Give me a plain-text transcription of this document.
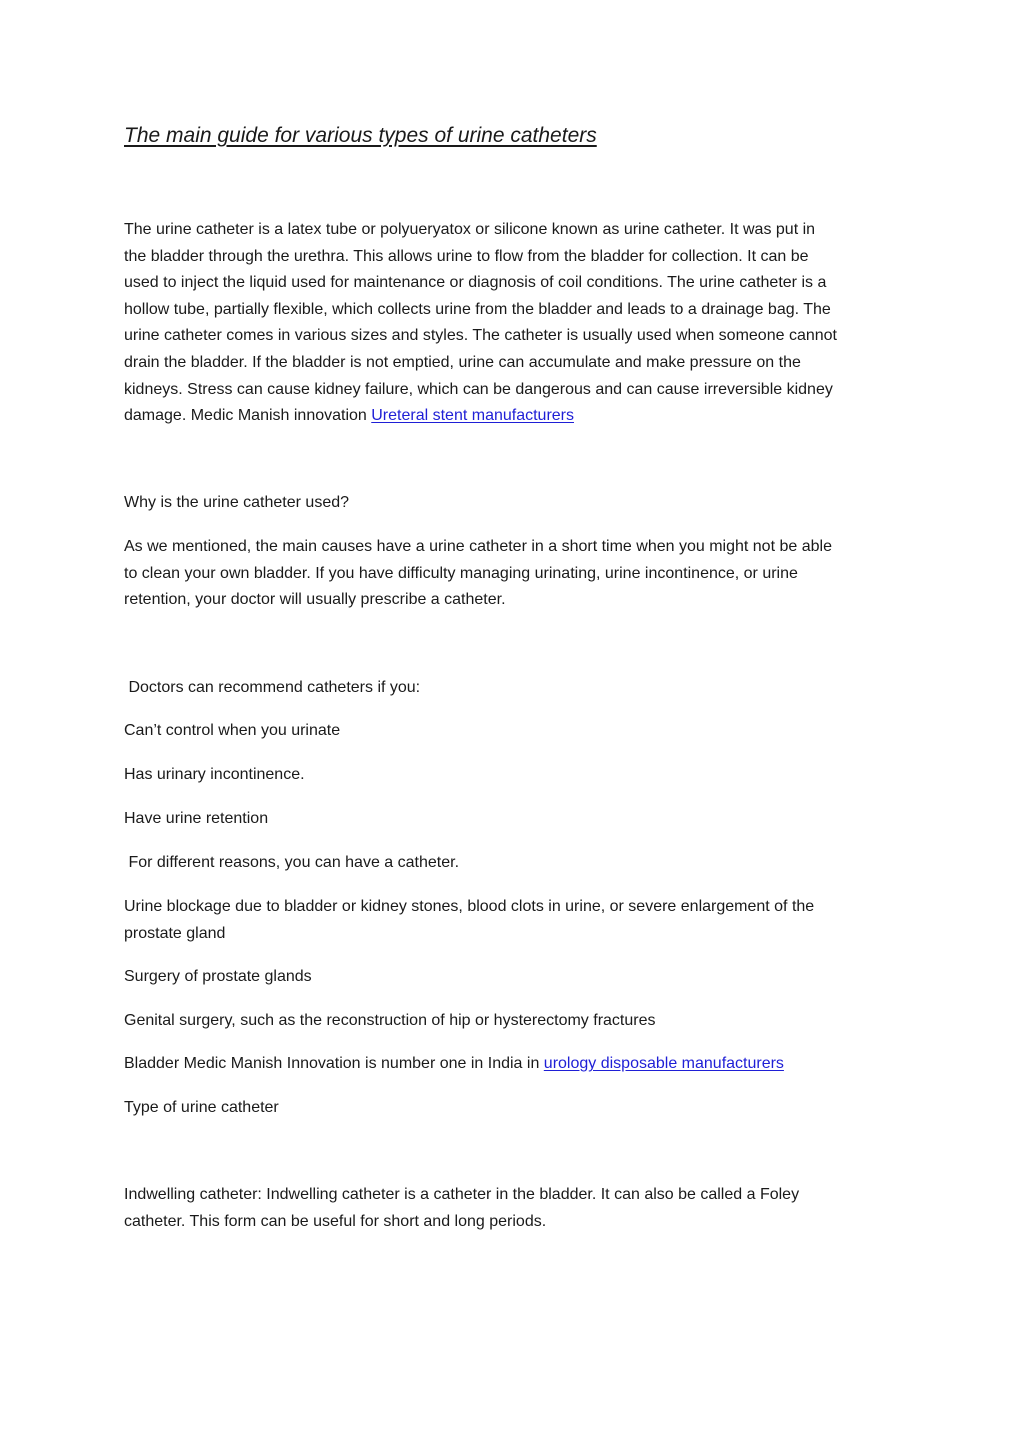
The main guide for various types of urine catheters

The urine catheter is a latex tube or polyueryatox or silicone known as urine catheter. It was put in
the bladder through the urethra. This allows urine to flow from the bladder for collection. It can be
used to inject the liquid used for maintenance or diagnosis of coil conditions. The urine catheter is a
hollow tube, partially flexible, which collects urine from the bladder and leads to a drainage bag. The
urine catheter comes in various sizes and styles. The catheter is usually used when someone cannot
drain the bladder. If the bladder is not emptied, urine can accumulate and make pressure on the
kidneys. Stress can cause kidney failure, which can be dangerous and can cause irreversible kidney
damage. Medic Manish innovation Ureteral stent manufacturers

Why is the urine catheter used?

As we mentioned, the main causes have a urine catheter in a short time when you might not be able
to clean your own bladder. If you have difficulty managing urinating, urine incontinence, or urine
retention, your doctor will usually prescribe a catheter.

Doctors can recommend catheters if you:

Can’t control when you urinate

Has urinary incontinence.

Have urine retention

For different reasons, you can have a catheter.

Urine blockage due to bladder or kidney stones, blood clots in urine, or severe enlargement of the
prostate gland

Surgery of prostate glands

Genital surgery, such as the reconstruction of hip or hysterectomy fractures

Bladder Medic Manish Innovation is number one in India in urology disposable manufacturers

Type of urine catheter

Indwelling catheter: Indwelling catheter is a catheter in the bladder. It can also be called a Foley
catheter. This form can be useful for short and long periods.
